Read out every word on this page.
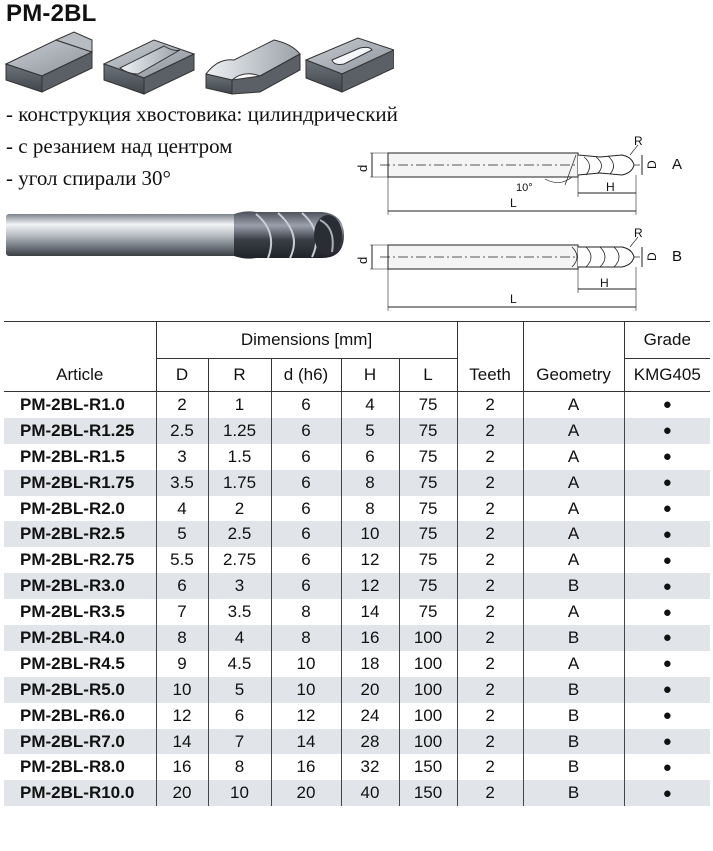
PM-2BL
- конструкция хвостовика: цилиндрический
- с резанием над центром
- угол спирали 30°	d	D
R
H
L
10°
A
d	D
R
H
L
B
Article	Dimensions [mm]					Teeth	Geometry	Grade
	D	R	d (h6)	H	L			KMG405
PM-2BL-R1.0	2	1	6	4	75	2	A	●
PM-2BL-R1.25	2.5	1.25	6	5	75	2	A	●
PM-2BL-R1.5	3	1.5	6	6	75	2	A	●
PM-2BL-R1.75	3.5	1.75	6	8	75	2	A	●
PM-2BL-R2.0	4	2	6	8	75	2	A	●
PM-2BL-R2.5	5	2.5	6	10	75	2	A	●
PM-2BL-R2.75	5.5	2.75	6	12	75	2	A	●
PM-2BL-R3.0	6	3	6	12	75	2	B	●
PM-2BL-R3.5	7	3.5	8	14	75	2	A	●
PM-2BL-R4.0	8	4	8	16	100	2	B	●
PM-2BL-R4.5	9	4.5	10	18	100	2	A	●
PM-2BL-R5.0	10	5	10	20	100	2	B	●
PM-2BL-R6.0	12	6	12	24	100	2	B	●
PM-2BL-R7.0	14	7	14	28	100	2	B	●
PM-2BL-R8.0	16	8	16	32	150	2	B	●
PM-2BL-R10.0	20	10	20	40	150	2	B	●
